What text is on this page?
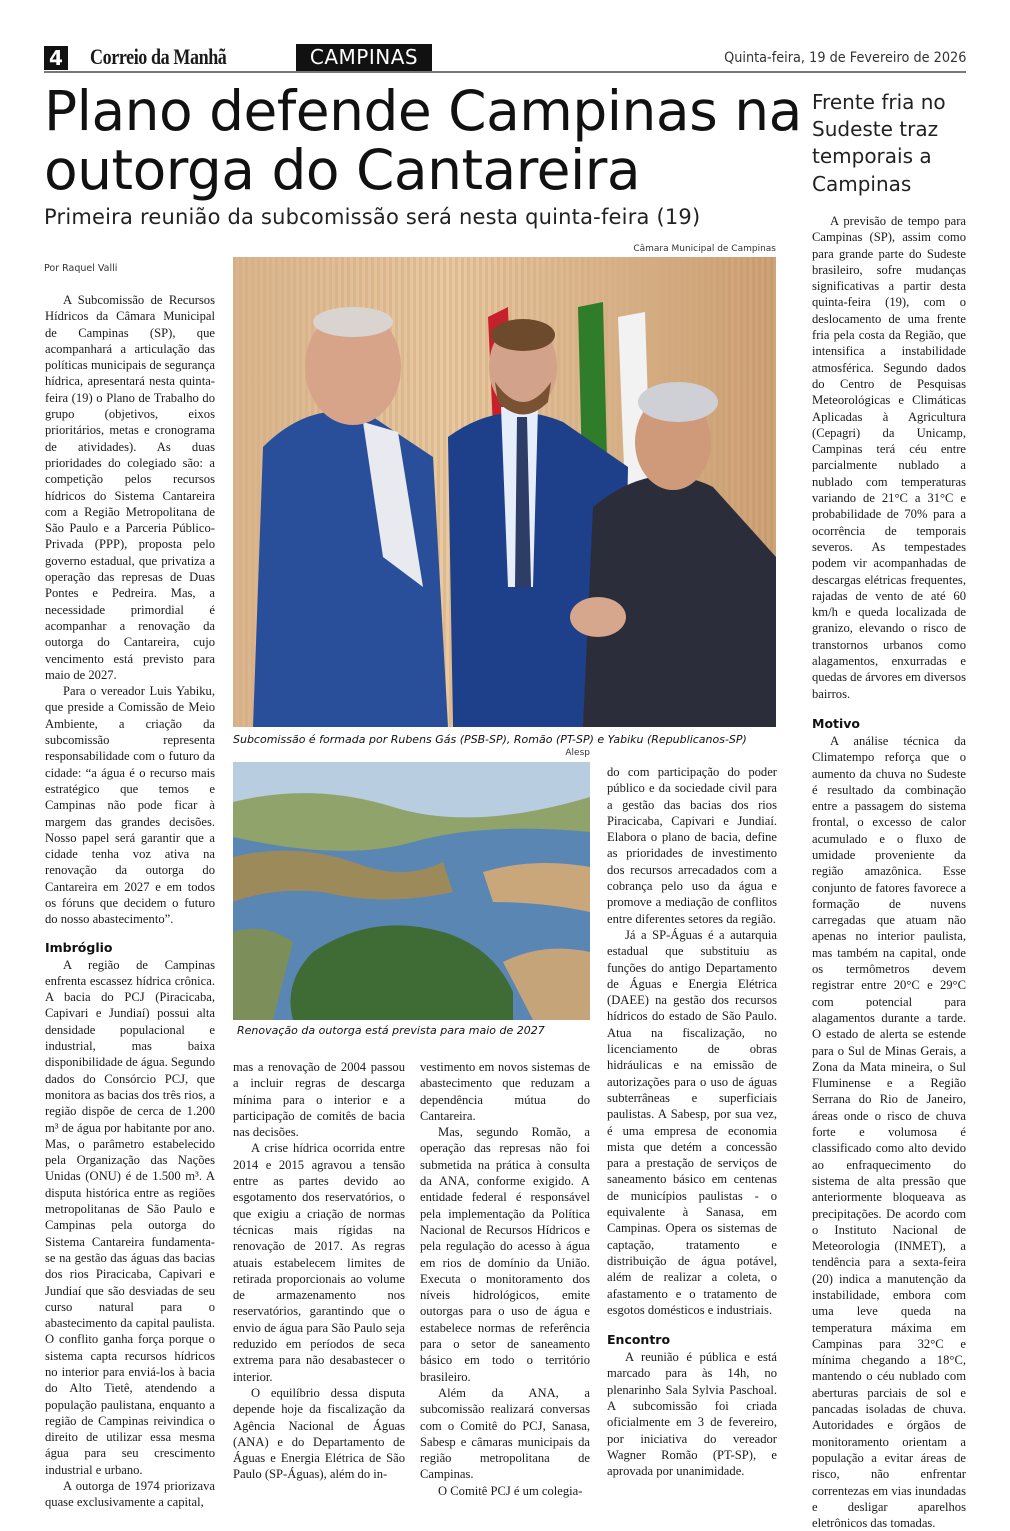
4 Correio da Manhã	CAMPINAS	Quinta-feira, 19 de Fevereiro de 2026
Plano defende Campinas na outorga do Cantareira
Primeira reunião da subcomissão será nesta quinta-feira (19)
Por Raquel Valli
Frente fria no Sudeste traz temporais a Campinas
Câmara Municipal de Campinas
Subcomissão é formada por Rubens Gás (PSB-SP), Romão (PT-SP) e Yabiku (Republicanos-SP)
Alesp
Renovação da outorga está prevista para maio de 2027

A Subcomissão de Recursos Hídricos da Câmara Municipal de Campinas (SP), que acompanhará a articulação das políticas municipais de segurança hídrica, apresentará nesta quinta-feira (19) o Plano de Trabalho do grupo (objetivos, eixos prioritários, metas e cronograma de atividades). As duas prioridades do colegiado são: a competição pelos recursos hídricos do Sistema Cantareira com a Região Metropolitana de São Paulo e a Parceria Público-Privada (PPP), proposta pelo governo estadual, que privatiza a operação das represas de Duas Pontes e Pedreira. Mas, a necessidade primordial é acompanhar a renovação da outorga do Cantareira, cujo vencimento está previsto para maio de 2027.

Para o vereador Luis Yabiku, que preside a Comissão de Meio Ambiente, a criação da subcomissão representa responsabilidade com o futuro da cidade: “a água é o recurso mais estratégico que temos e Campinas não pode ficar à margem das grandes decisões. Nosso papel será garantir que a cidade tenha voz ativa na renovação da outorga do Cantareira em 2027 e em todos os fóruns que decidem o futuro do nosso abastecimento”.

Imbróglio

A região de Campinas enfrenta escassez hídrica crônica. A bacia do PCJ (Piracicaba, Capivari e Jundiaí) possui alta densidade populacional e industrial, mas baixa disponibilidade de água. Segundo dados do Consórcio PCJ, que monitora as bacias dos três rios, a região dispõe de cerca de 1.200 m³ de água por habitante por ano. Mas, o parâmetro estabelecido pela Organização das Nações Unidas (ONU) é de 1.500 m³. A disputa histórica entre as regiões metropolitanas de São Paulo e Campinas pela outorga do Sistema Cantareira fundamenta-se na gestão das águas das bacias dos rios Piracicaba, Capivari e Jundiaí que são desviadas de seu curso natural para o abastecimento da capital paulista. O conflito ganha força porque o sistema capta recursos hídricos no interior para enviá-los à bacia do Alto Tietê, atendendo a população paulistana, enquanto a região de Campinas reivindica o direito de utilizar essa mesma água para seu crescimento industrial e urbano.

A outorga de 1974 priorizava quase exclusivamente a capital,

mas a renovação de 2004 passou a incluir regras de descarga mínima para o interior e a participação de comitês de bacia nas decisões.

A crise hídrica ocorrida entre 2014 e 2015 agravou a tensão entre as partes devido ao esgotamento dos reservatórios, o que exigiu a criação de normas técnicas mais rígidas na renovação de 2017. As regras atuais estabelecem limites de retirada proporcionais ao volume de armazenamento nos reservatórios, garantindo que o envio de água para São Paulo seja reduzido em períodos de seca extrema para não desabastecer o interior.

O equilíbrio dessa disputa depende hoje da fiscalização da Agência Nacional de Águas (ANA) e do Departamento de Águas e Energia Elétrica de São Paulo (SP-Águas), além do in-

vestimento em novos sistemas de abastecimento que reduzam a dependência mútua do Cantareira.

Mas, segundo Romão, a operação das represas não foi submetida na prática à consulta da ANA, conforme exigido. A entidade federal é responsável pela implementação da Política Nacional de Recursos Hídricos e pela regulação do acesso à água em rios de domínio da União. Executa o monitoramento dos níveis hidrológicos, emite outorgas para o uso de água e estabelece normas de referência para o setor de saneamento básico em todo o território brasileiro.

Além da ANA, a subcomissão realizará conversas com o Comitê do PCJ, Sanasa, Sabesp e câmaras municipais da região metropolitana de Campinas.

O Comitê PCJ é um colegia-

do com participação do poder público e da sociedade civil para a gestão das bacias dos rios Piracicaba, Capivari e Jundiaí. Elabora o plano de bacia, define as prioridades de investimento dos recursos arrecadados com a cobrança pelo uso da água e promove a mediação de conflitos entre diferentes setores da região.

Já a SP-Águas é a autarquia estadual que substituiu as funções do antigo Departamento de Águas e Energia Elétrica (DAEE) na gestão dos recursos hídricos do estado de São Paulo. Atua na fiscalização, no licenciamento de obras hidráulicas e na emissão de autorizações para o uso de águas subterrâneas e superficiais paulistas. A Sabesp, por sua vez, é uma empresa de economia mista que detém a concessão para a prestação de serviços de saneamento básico em centenas de municípios paulistas - o equivalente à Sanasa, em Campinas. Opera os sistemas de captação, tratamento e distribuição de água potável, além de realizar a coleta, o afastamento e o tratamento de esgotos domésticos e industriais.

Encontro

A reunião é pública e está marcado para às 14h, no plenarinho Sala Sylvia Paschoal. A subcomissão foi criada oficialmente em 3 de fevereiro, por iniciativa do vereador Wagner Romão (PT-SP), e aprovada por unanimidade.

A previsão de tempo para Campinas (SP), assim como para grande parte do Sudeste brasileiro, sofre mudanças significativas a partir desta quinta-feira (19), com o deslocamento de uma frente fria pela costa da Região, que intensifica a instabilidade atmosférica. Segundo dados do Centro de Pesquisas Meteorológicas e Climáticas Aplicadas à Agricultura (Cepagri) da Unicamp, Campinas terá céu entre parcialmente nublado a nublado com temperaturas variando de 21°C a 31°C e probabilidade de 70% para a ocorrência de temporais severos. As tempestades podem vir acompanhadas de descargas elétricas frequentes, rajadas de vento de até 60 km/h e queda localizada de granizo, elevando o risco de transtornos urbanos como alagamentos, enxurradas e quedas de árvores em diversos bairros.

Motivo

A análise técnica da Climatempo reforça que o aumento da chuva no Sudeste é resultado da combinação entre a passagem do sistema frontal, o excesso de calor acumulado e o fluxo de umidade proveniente da região amazônica. Esse conjunto de fatores favorece a formação de nuvens carregadas que atuam não apenas no interior paulista, mas também na capital, onde os termômetros devem registrar entre 20°C e 29°C com potencial para alagamentos durante a tarde. O estado de alerta se estende para o Sul de Minas Gerais, a Zona da Mata mineira, o Sul Fluminense e a Região Serrana do Rio de Janeiro, áreas onde o risco de chuva forte e volumosa é classificado como alto devido ao enfraquecimento do sistema de alta pressão que anteriormente bloqueava as precipitações. De acordo com o Instituto Nacional de Meteorologia (INMET), a tendência para a sexta-feira (20) indica a manutenção da instabilidade, embora com uma leve queda na temperatura máxima em Campinas para 32°C e mínima chegando a 18°C, mantendo o céu nublado com aberturas parciais de sol e pancadas isoladas de chuva. Autoridades e órgãos de monitoramento orientam a população a evitar áreas de risco, não enfrentar correntezas em vias inundadas e desligar aparelhos eletrônicos das tomadas.
